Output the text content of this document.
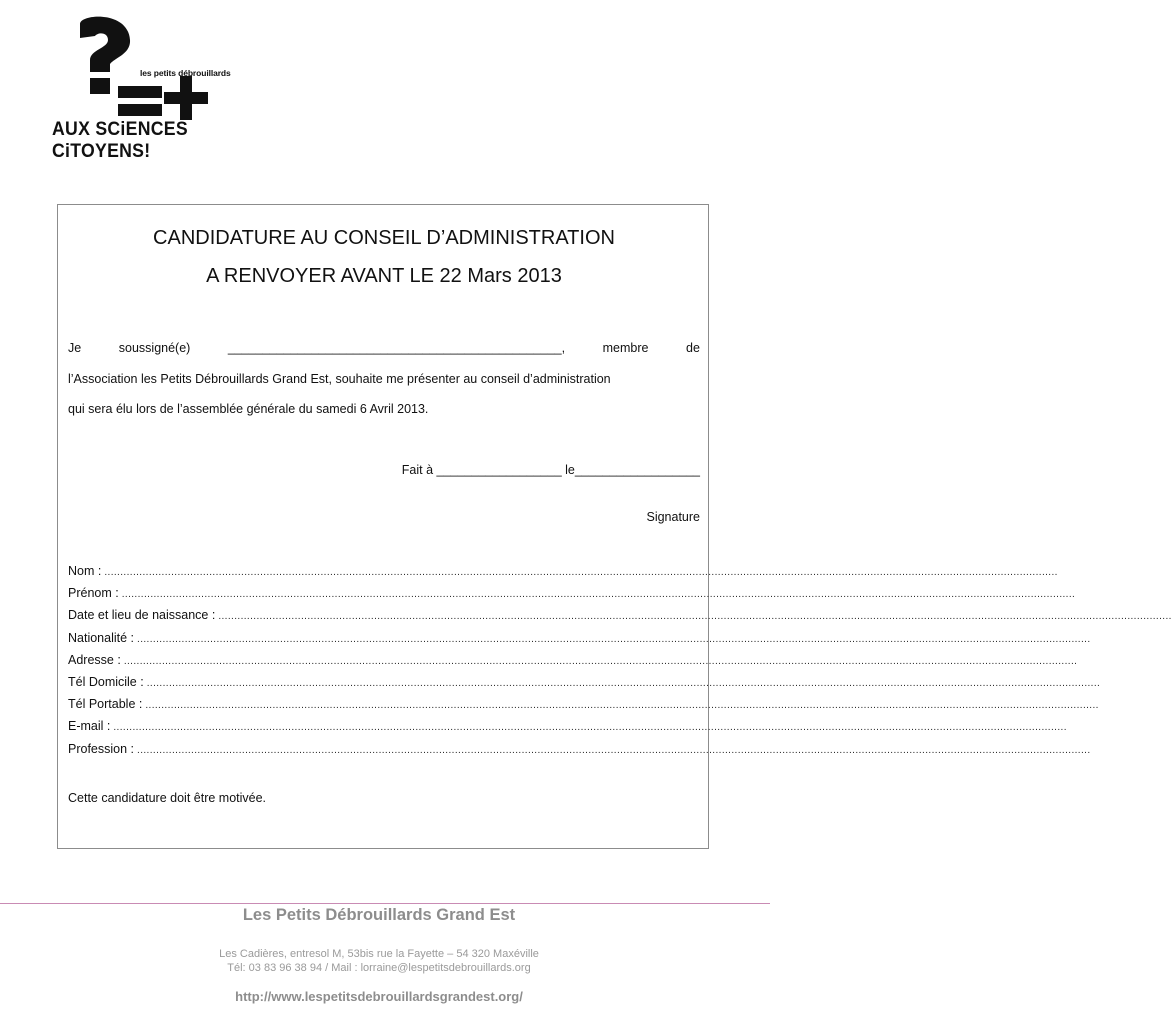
les petits débrouillards
AUX SCiENCES
CiTOYENS!
CANDIDATURE AU CONSEIL D’ADMINISTRATION
A RENVOYER AVANT LE 22 Mars 2013
Je	soussigné(e)	________________________________________________,	membre	de
l’Association les Petits Débrouillards Grand Est, souhaite me présenter au conseil d’administration
qui sera élu lors de l’assemblée générale du samedi 6 Avril 2013.
Fait à __________________ le__________________
Signature
Nom : ............................................................................................................................................................................................................................................................................................................
Prénom : ............................................................................................................................................................................................................................................................................................................
Date et lieu de naissance : ............................................................................................................................................................................................................................................................................................................
Nationalité : ............................................................................................................................................................................................................................................................................................................
Adresse : ............................................................................................................................................................................................................................................................................................................
Tél Domicile : ............................................................................................................................................................................................................................................................................................................
Tél Portable : ............................................................................................................................................................................................................................................................................................................
E-mail : ............................................................................................................................................................................................................................................................................................................
Profession : ............................................................................................................................................................................................................................................................................................................
Cette candidature doit être motivée.
Les Petits Débrouillards Grand Est
Les Cadières, entresol M, 53bis rue la Fayette – 54 320 Maxéville
Tél: 03 83 96 38 94 / Mail : lorraine@lespetitsdebrouillards.org
http://www.lespetitsdebrouillardsgrandest.org/
